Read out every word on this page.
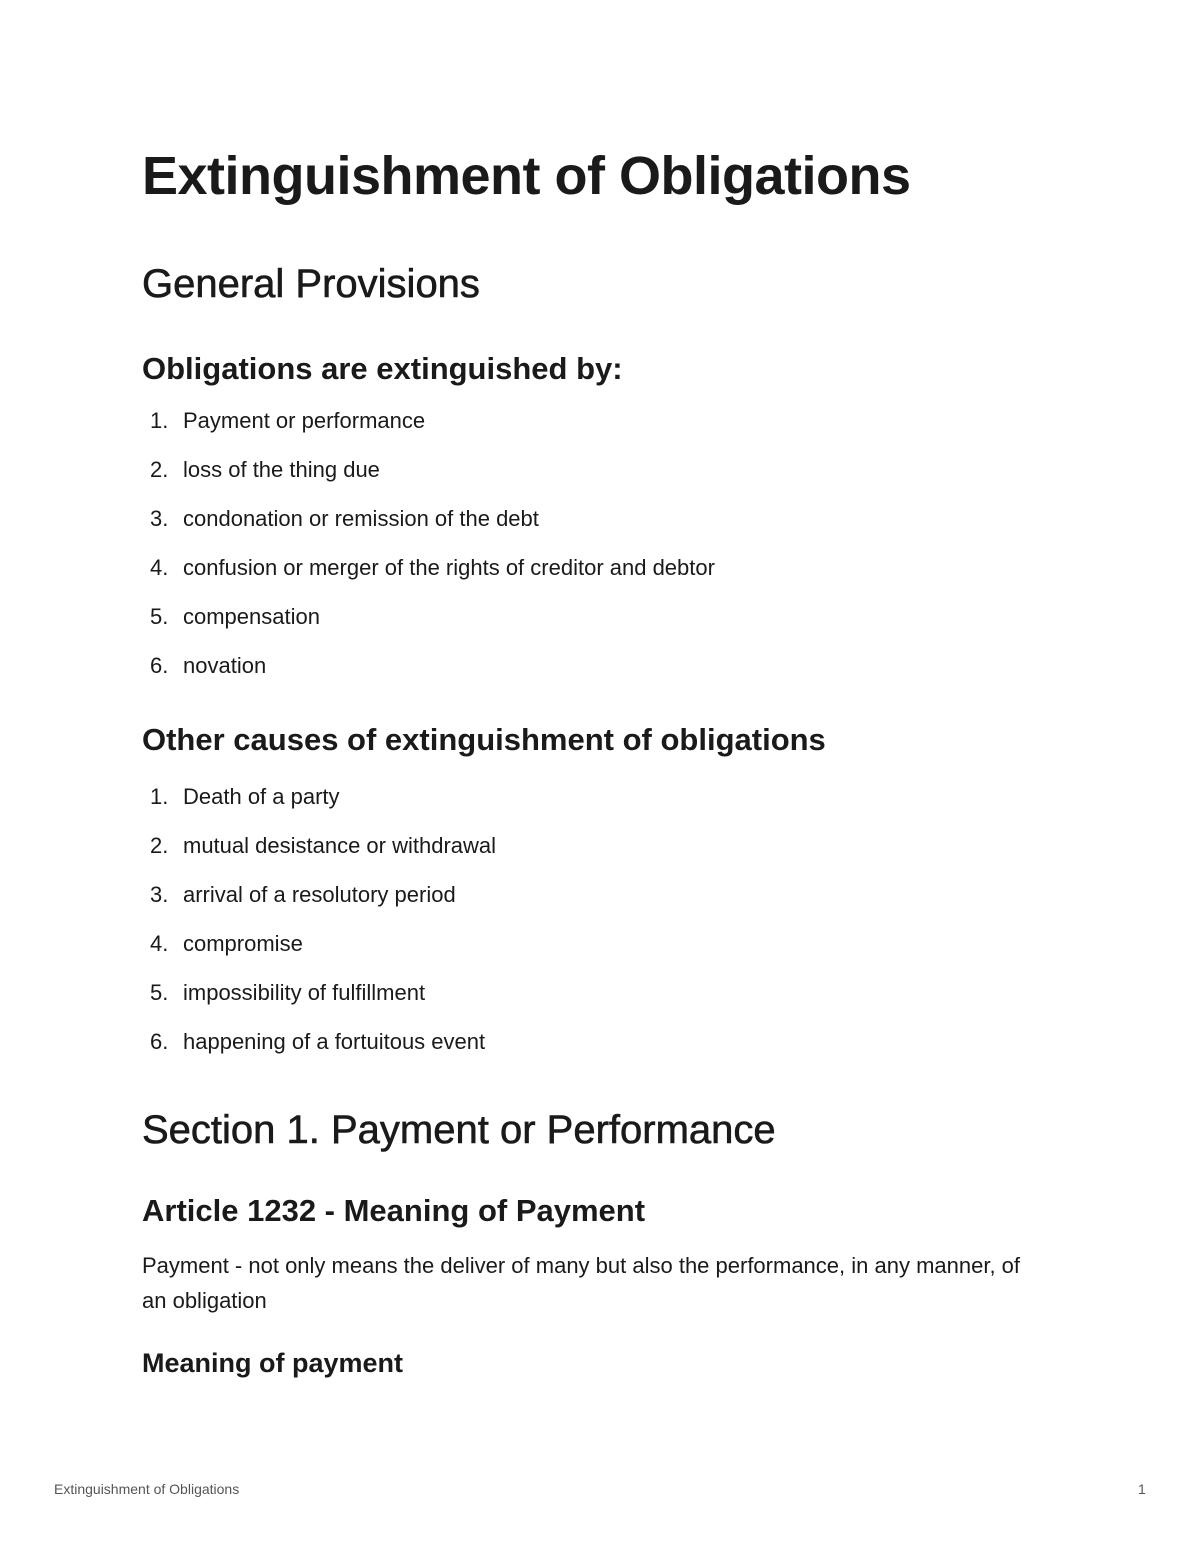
Extinguishment of Obligations
General Provisions
Obligations are extinguished by:
1. Payment or performance
2. loss of the thing due
3. condonation or remission of the debt
4. confusion or merger of the rights of creditor and debtor
5. compensation
6. novation
Other causes of extinguishment of obligations
1. Death of a party
2. mutual desistance or withdrawal
3. arrival of a resolutory period
4. compromise
5. impossibility of fulfillment
6. happening of a fortuitous event
Section 1. Payment or Performance
Article 1232 - Meaning of Payment

Payment - not only means the deliver of many but also the performance, in any manner, of an obligation

Meaning of payment
Extinguishment of Obligations	1
